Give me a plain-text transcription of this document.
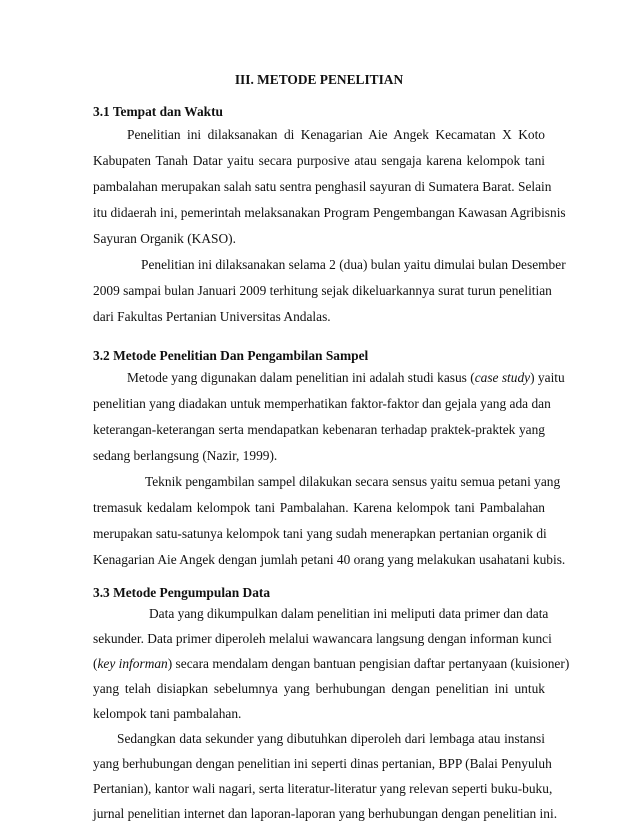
III. METODE PENELITIAN
3.1 Tempat dan Waktu
Penelitian ini dilaksanakan di Kenagarian Aie Angek Kecamatan X Koto
Kabupaten Tanah Datar yaitu secara purposive atau sengaja karena kelompok tani
pambalahan merupakan salah satu sentra penghasil sayuran di Sumatera Barat. Selain
itu didaerah ini, pemerintah melaksanakan Program Pengembangan Kawasan Agribisnis
Sayuran Organik (KASO).
Penelitian ini dilaksanakan selama 2 (dua) bulan yaitu dimulai bulan Desember
2009 sampai bulan Januari 2009 terhitung sejak dikeluarkannya surat turun penelitian
dari Fakultas Pertanian Universitas Andalas.
3.2 Metode Penelitian Dan Pengambilan Sampel
Metode yang digunakan dalam penelitian ini adalah studi kasus (case study) yaitu
penelitian yang diadakan untuk memperhatikan faktor-faktor dan gejala yang ada dan
keterangan-keterangan serta mendapatkan kebenaran terhadap praktek-praktek yang
sedang berlangsung (Nazir, 1999).
Teknik pengambilan sampel dilakukan secara sensus yaitu semua petani yang
tremasuk kedalam kelompok tani Pambalahan. Karena kelompok tani Pambalahan
merupakan satu-satunya kelompok tani yang sudah menerapkan pertanian organik di
Kenagarian Aie Angek dengan jumlah petani 40 orang yang melakukan usahatani kubis.
3.3 Metode Pengumpulan Data
Data yang dikumpulkan dalam penelitian ini meliputi data primer dan data
sekunder. Data primer diperoleh melalui wawancara langsung dengan informan kunci
(key informan) secara mendalam dengan bantuan pengisian daftar pertanyaan (kuisioner)
yang telah disiapkan sebelumnya yang berhubungan dengan penelitian ini untuk
kelompok tani pambalahan.
Sedangkan data sekunder yang dibutuhkan diperoleh dari lembaga atau instansi
yang berhubungan dengan penelitian ini seperti dinas pertanian, BPP (Balai Penyuluh
Pertanian), kantor wali nagari, serta literatur-literatur yang relevan seperti buku-buku,
jurnal penelitian internet dan laporan-laporan yang berhubungan dengan penelitian ini.
